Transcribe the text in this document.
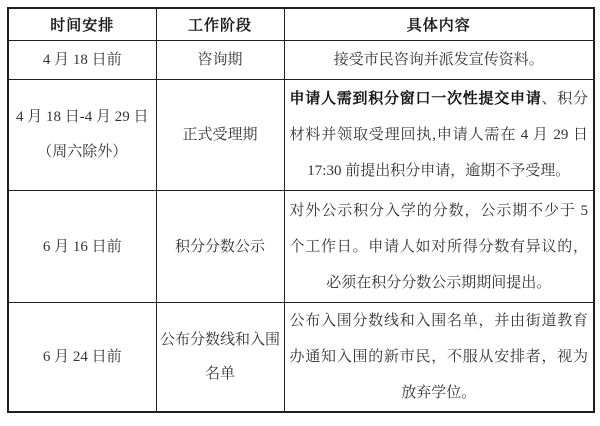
时间安排	工作阶段	具体内容
4 月 18 日前	咨询期	接受市民咨询并派发宣传资料。

4 月 18 日-4 月 29 日
（周六除外）	正式受理期	申请人需到积分窗口一次性提交申请、积分材料并领取受理回执,申请人需在 4 月 29 日 17:30 前提出积分申请，逾期不予受理。
6 月 16 日前	积分分数公示	对外公示积分入学的分数，公示期不少于 5 个工作日。申请人如对所得分数有异议的，必须在积分分数公示期期间提出。
6 月 24 日前	公布分数线和入围名单	公布入围分数线和入围名单，并由街道教育办通知入围的新市民，不服从安排者，视为放弃学位。
